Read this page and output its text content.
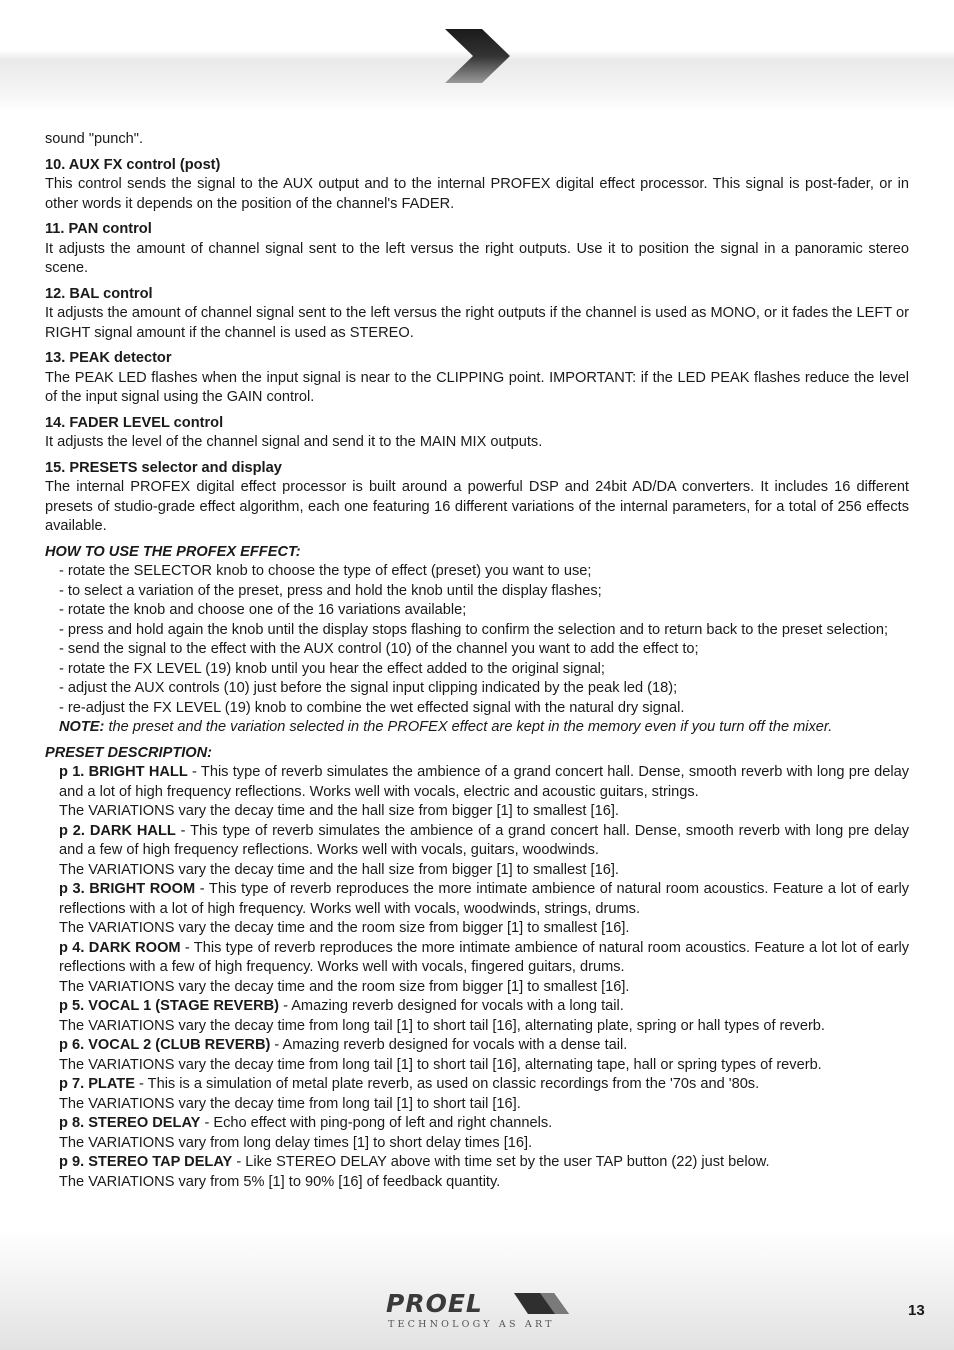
sound "punch".

10. AUX FX control (post)

This control sends the signal to the AUX output and to the internal PROFEX digital effect processor. This signal is post-fader, or in other words it depends on the position of the channel's FADER.

11. PAN control

It adjusts the amount of channel signal sent to the left versus the right outputs. Use it to position the signal in a panoramic stereo scene.

12. BAL control

It adjusts the amount of channel signal sent to the left versus the right outputs if the channel is used as MONO, or it fades the LEFT or RIGHT signal amount if the channel is used as STEREO.

13. PEAK detector

The PEAK LED flashes when the input signal is near to the CLIPPING point. IMPORTANT: if the LED PEAK flashes reduce the level of the input signal using the GAIN control.

14. FADER LEVEL control

It adjusts the level of the channel signal and send it to the MAIN MIX outputs.

15. PRESETS selector and display

The internal PROFEX digital effect processor is built around a powerful DSP and 24bit AD/DA converters. It includes 16 different presets of studio-grade effect algorithm, each one featuring 16 different variations of the internal parameters, for a total of 256 effects available.

HOW TO USE THE PROFEX EFFECT:

- rotate the SELECTOR knob to choose the type of effect (preset) you want to use;

- to select a variation of the preset, press and hold the knob until the display flashes;

- rotate the knob and choose one of the 16 variations available;

- press and hold again the knob until the display stops flashing to confirm the selection and to return back to the preset selection;

- send the signal to the effect with the AUX control (10) of the channel you want to add the effect to;

- rotate the FX LEVEL (19) knob until you hear the effect added to the original signal;

- adjust the AUX controls (10) just before the signal input clipping indicated by the peak led (18);

- re-adjust the FX LEVEL (19) knob to combine the wet effected signal with the natural dry signal.

NOTE: the preset and the variation selected in the PROFEX effect are kept in the memory even if you turn off the mixer.

PRESET DESCRIPTION:

p 1. BRIGHT HALL - This type of reverb simulates the ambience of a grand concert hall. Dense, smooth reverb with long pre delay and a lot of high frequency reflections. Works well with vocals, electric and acoustic guitars, strings.

The VARIATIONS vary the decay time and the hall size from bigger [1] to smallest [16].

p 2. DARK HALL - This type of reverb simulates the ambience of a grand concert hall. Dense, smooth reverb with long pre delay and a few of high frequency reflections. Works well with vocals, guitars, woodwinds.

The VARIATIONS vary the decay time and the hall size from bigger [1] to smallest [16].

p 3. BRIGHT ROOM - This type of reverb reproduces the more intimate ambience of natural room acoustics. Feature a lot of early reflections with a lot of high frequency. Works well with vocals, woodwinds, strings, drums.

The VARIATIONS vary the decay time and the room size from bigger [1] to smallest [16].

p 4. DARK ROOM - This type of reverb reproduces the more intimate ambience of natural room acoustics. Feature a lot lot of early reflections with a few of high frequency. Works well with vocals, fingered guitars, drums.

The VARIATIONS vary the decay time and the room size from bigger [1] to smallest [16].

p 5. VOCAL 1 (STAGE REVERB) - Amazing reverb designed for vocals with a long tail.

The VARIATIONS vary the decay time from long tail [1] to short tail [16], alternating plate, spring or hall types of reverb.

p 6. VOCAL 2 (CLUB REVERB) - Amazing reverb designed for vocals with a dense tail.

The VARIATIONS vary the decay time from long tail [1] to short tail [16], alternating tape, hall or spring types of reverb.

p 7. PLATE - This is a simulation of metal plate reverb, as used on classic recordings from the '70s and '80s.

The VARIATIONS vary the decay time from long tail [1] to short tail [16].

p 8. STEREO DELAY - Echo effect with ping-pong of left and right channels.

The VARIATIONS vary from long delay times [1] to short delay times [16].

p 9. STEREO TAP DELAY - Like STEREO DELAY above with time set by the user TAP button (22) just below.

The VARIATIONS vary from 5% [1] to 90% [16] of feedback quantity.

PROEL
TECHNOLOGY AS ART
13
